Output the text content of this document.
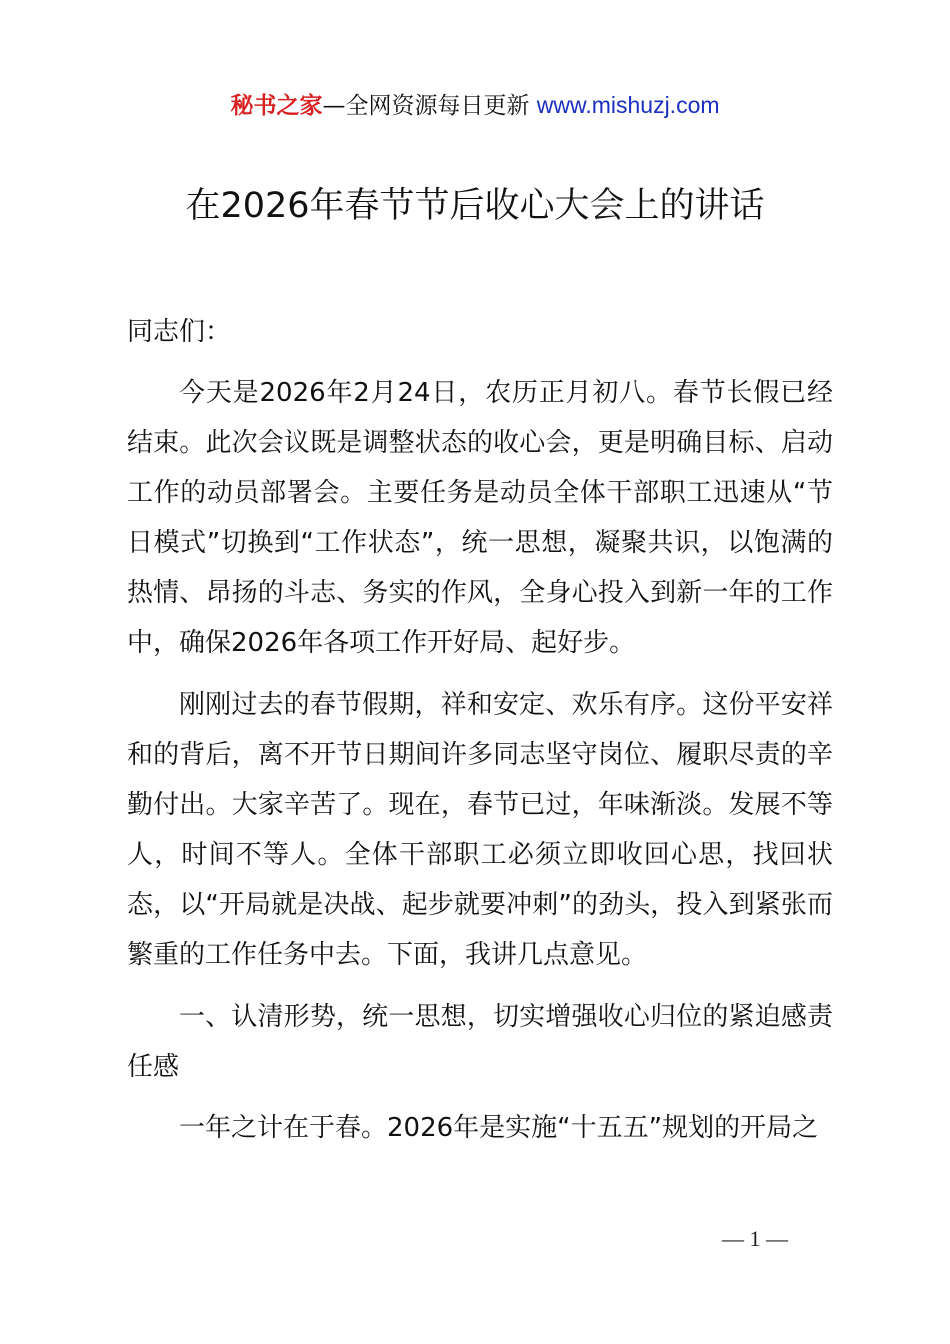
秘书之家—全网资源每日更新 www.mishuzj.com
在2026年春节节后收心大会上的讲话

同志们：

今天是2026年2月24日，农历正月初八。春节长假已经结束。此次会议既是调整状态的收心会，更是明确目标、启动工作的动员部署会。主要任务是动员全体干部职工迅速从“节日模式”切换到“工作状态”，统一思想，凝聚共识，以饱满的热情、昂扬的斗志、务实的作风，全身心投入到新一年的工作中，确保2026年各项工作开好局、起好步。

刚刚过去的春节假期，祥和安定、欢乐有序。这份平安祥和的背后，离不开节日期间许多同志坚守岗位、履职尽责的辛勤付出。大家辛苦了。现在，春节已过，年味渐淡。发展不等人，时间不等人。全体干部职工必须立即收回心思，找回状态，以“开局就是决战、起步就要冲刺”的劲头，投入到紧张而繁重的工作任务中去。下面，我讲几点意见。

一、认清形势，统一思想，切实增强收心归位的紧迫感责任感

一年之计在于春。2026年是实施“十五五”规划的开局之

— 1 —
